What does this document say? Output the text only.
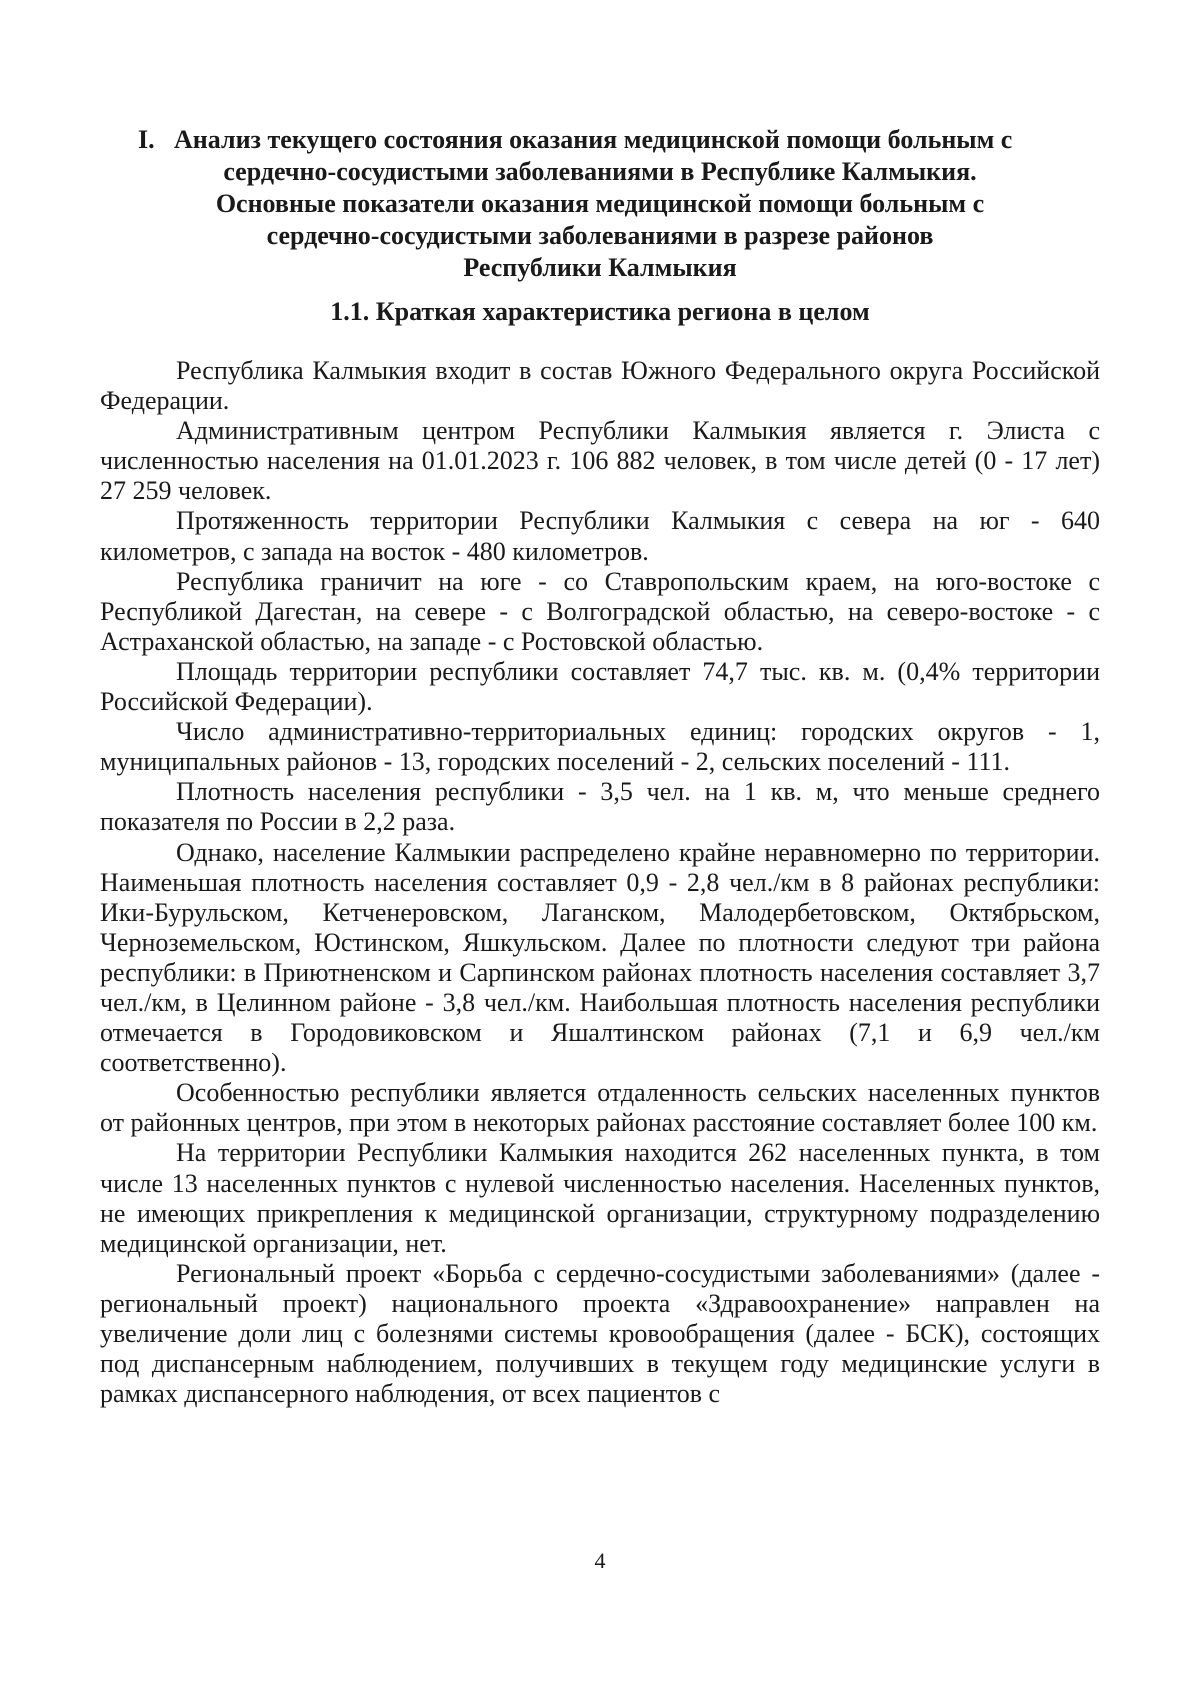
I. Анализ текущего состояния оказания медицинской помощи больным с
сердечно-сосудистыми заболеваниями в Республике Калмыкия.
Основные показатели оказания медицинской помощи больным с
сердечно-сосудистыми заболеваниями в разрезе районов
Республики Калмыкия
1.1. Краткая характеристика региона в целом

Республика Калмыкия входит в состав Южного Федерального округа Российской Федерации.

Административным центром Республики Калмыкия является г. Элиста с численностью населения на 01.01.2023 г. 106 882 человек, в том числе детей (0 - 17 лет) 27 259 человек.

Протяженность территории Республики Калмыкия с севера на юг - 640 километров, с запада на восток - 480 километров.

Республика граничит на юге - со Ставропольским краем, на юго-востоке с Республикой Дагестан, на севере - с Волгоградской областью, на северо-востоке - с Астраханской областью, на западе - с Ростовской областью.

Площадь территории республики составляет 74,7 тыс. кв. м. (0,4% территории Российской Федерации).

Число административно-территориальных единиц: городских округов - 1, муниципальных районов - 13, городских поселений - 2, сельских поселений - 111.

Плотность населения республики - 3,5 чел. на 1 кв. м, что меньше среднего показателя по России в 2,2 раза.

Однако, население Калмыкии распределено крайне неравномерно по территории. Наименьшая плотность населения составляет 0,9 - 2,8 чел./км в 8 районах республики: Ики-Бурульском, Кетченеровском, Лаганском, Малодербетовском, Октябрьском, Черноземельском, Юстинском, Яшкульском. Далее по плотности следуют три района республики: в Приютненском и Сарпинском районах плотность населения составляет 3,7 чел./км, в Целинном районе - 3,8 чел./км. Наибольшая плотность населения республики отмечается в Городовиковском и Яшалтинском районах (7,1 и 6,9 чел./км соответственно).

Особенностью республики является отдаленность сельских населенных пунктов от районных центров, при этом в некоторых районах расстояние составляет более 100 км.

На территории Республики Калмыкия находится 262 населенных пункта, в том числе 13 населенных пунктов с нулевой численностью населения. Населенных пунктов, не имеющих прикрепления к медицинской организации, структурному подразделению медицинской организации, нет.

Региональный проект «Борьба с сердечно-сосудистыми заболеваниями» (далее - региональный проект) национального проекта «Здравоохранение» направлен на увеличение доли лиц с болезнями системы кровообращения (далее - БСК), состоящих под диспансерным наблюдением, получивших в текущем году медицинские услуги в рамках диспансерного наблюдения, от всех пациентов с

4
